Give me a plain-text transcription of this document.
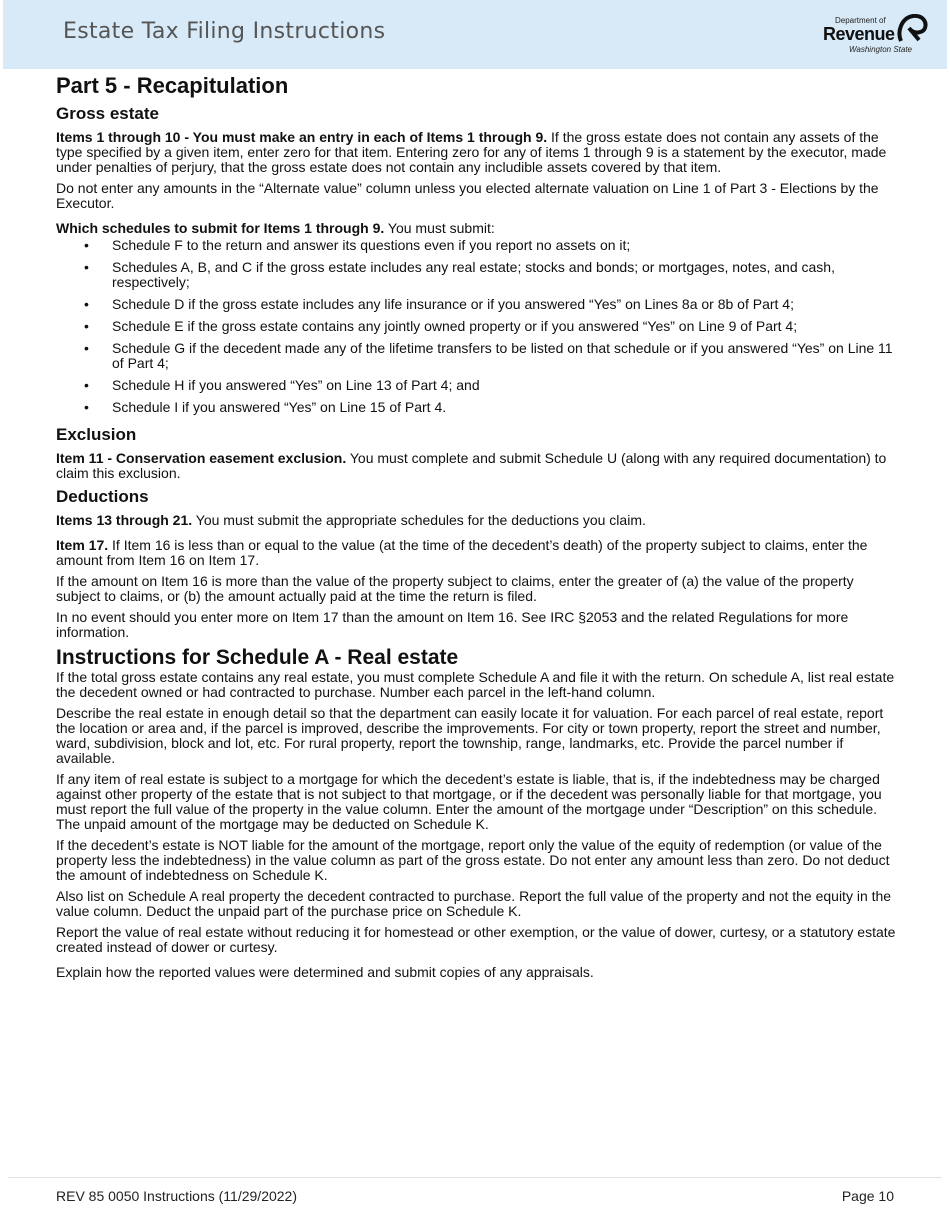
Estate Tax Filing Instructions	Department of
Revenue
Washington State
Part 5 - Recapitulation
Gross estate

Items 1 through 10 - You must make an entry in each of Items 1 through 9. If the gross estate does not contain any assets of the type specified by a given item, enter zero for that item. Entering zero for any of items 1 through 9 is a statement by the executor, made under penalties of perjury, that the gross estate does not contain any includible assets covered by that item.

Do not enter any amounts in the “Alternate value” column unless you elected alternate valuation on Line 1 of Part 3 - Elections by the Executor.

Which schedules to submit for Items 1 through 9. You must submit:

• Schedule F to the return and answer its questions even if you report no assets on it;
• Schedules A, B, and C if the gross estate includes any real estate; stocks and bonds; or mortgages, notes, and cash, respectively;
• Schedule D if the gross estate includes any life insurance or if you answered “Yes” on Lines 8a or 8b of Part 4;
• Schedule E if the gross estate contains any jointly owned property or if you answered “Yes” on Line 9 of Part 4;
• Schedule G if the decedent made any of the lifetime transfers to be listed on that schedule or if you answered “Yes” on Line 11 of Part 4;
• Schedule H if you answered “Yes” on Line 13 of Part 4; and
• Schedule I if you answered “Yes” on Line 15 of Part 4.
Exclusion

Item 11 - Conservation easement exclusion. You must complete and submit Schedule U (along with any required documentation) to claim this exclusion.

Deductions

Items 13 through 21. You must submit the appropriate schedules for the deductions you claim.

Item 17. If Item 16 is less than or equal to the value (at the time of the decedent’s death) of the property subject to claims, enter the amount from Item 16 on Item 17.

If the amount on Item 16 is more than the value of the property subject to claims, enter the greater of (a) the value of the property subject to claims, or (b) the amount actually paid at the time the return is filed.

In no event should you enter more on Item 17 than the amount on Item 16. See IRC §2053 and the related Regulations for more information.

Instructions for Schedule A - Real estate

If the total gross estate contains any real estate, you must complete Schedule A and file it with the return. On schedule A, list real estate the decedent owned or had contracted to purchase. Number each parcel in the left-hand column.

Describe the real estate in enough detail so that the department can easily locate it for valuation. For each parcel of real estate, report the location or area and, if the parcel is improved, describe the improvements. For city or town property, report the street and number, ward, subdivision, block and lot, etc. For rural property, report the township, range, landmarks, etc. Provide the parcel number if available.

If any item of real estate is subject to a mortgage for which the decedent’s estate is liable, that is, if the indebtedness may be charged against other property of the estate that is not subject to that mortgage, or if the decedent was personally liable for that mortgage, you must report the full value of the property in the value column. Enter the amount of the mortgage under “Description” on this schedule. The unpaid amount of the mortgage may be deducted on Schedule K.

If the decedent’s estate is NOT liable for the amount of the mortgage, report only the value of the equity of redemption (or value of the property less the indebtedness) in the value column as part of the gross estate. Do not enter any amount less than zero. Do not deduct the amount of indebtedness on Schedule K.

Also list on Schedule A real property the decedent contracted to purchase. Report the full value of the property and not the equity in the value column. Deduct the unpaid part of the purchase price on Schedule K.

Report the value of real estate without reducing it for homestead or other exemption, or the value of dower, curtesy, or a statutory estate created instead of dower or curtesy.

Explain how the reported values were determined and submit copies of any appraisals.

REV 85 0050 Instructions (11/29/2022)	Page 10
